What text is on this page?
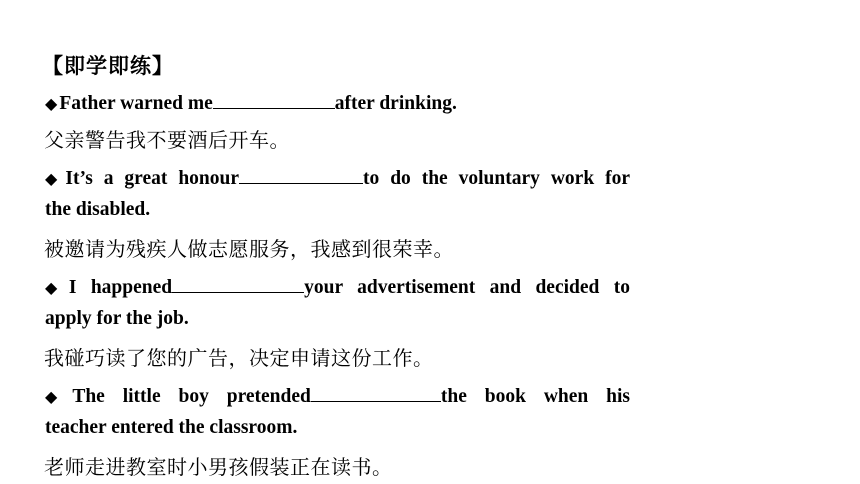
【即学即练】
◆ Father warned me	after drinking.
父亲警告我不要酒后开车。
◆ It’s a great honour	to do the voluntary work for
the disabled.
被邀请为残疾人做志愿服务，我感到很荣幸。
◆ I happened	your advertisement and decided to
apply for the job.
我碰巧读了您的广告，决定申请这份工作。
◆ The little boy pretended	the book when his
teacher entered the classroom.
老师走进教室时小男孩假装正在读书。
